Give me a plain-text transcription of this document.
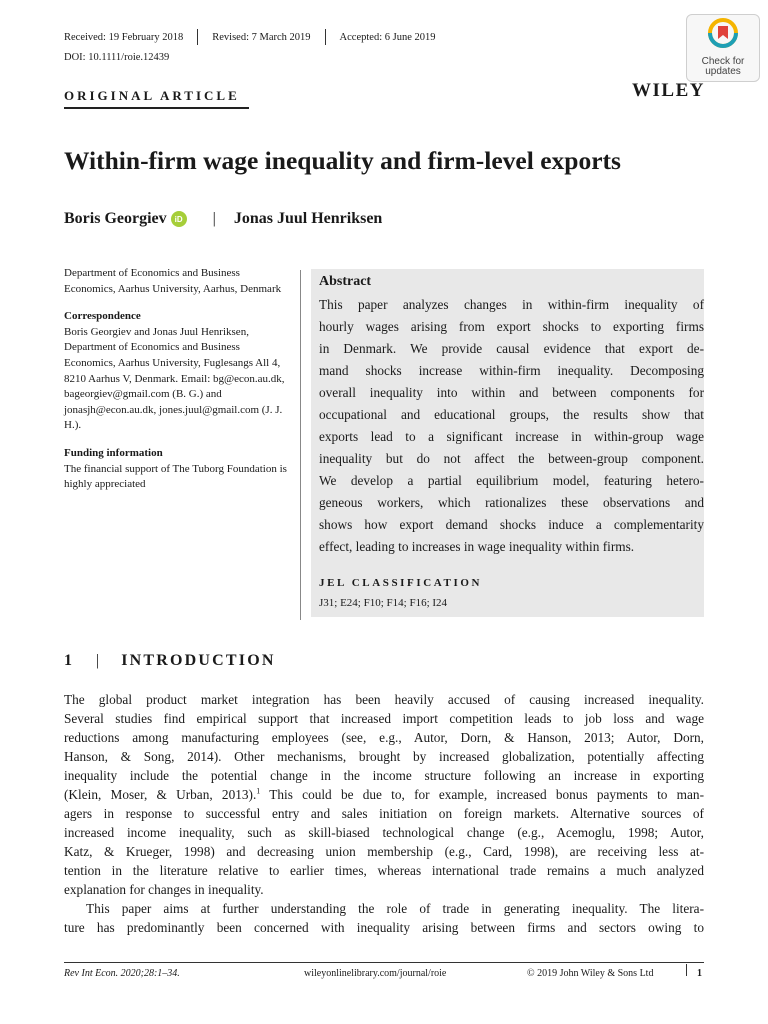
Received: 19 February 2018	Revised: 7 March 2019	Accepted: 6 June 2019
DOI: 10.1111/roie.12439
ORIGINAL ARTICLE
Check for updates
WILEY
Within-firm wage inequality and firm-level exports
Boris Georgiev iD | Jonas Juul Henriksen

Department of Economics and Business Economics, Aarhus University, Aarhus, Denmark

Correspondence

Boris Georgiev and Jonas Juul Henriksen, Department of Economics and Business Economics, Aarhus University, Fuglesangs All 4, 8210 Aarhus V, Denmark. Email: bg@econ.au.dk, bageorgiev@gmail.com (B. G.) and jonasjh@econ.au.dk, jones.juul@gmail.com (J. J. H.).

Funding information

The financial support of The Tuborg Foundation is highly appreciated

Abstract
This paper analyzes changes in within-firm inequality of
hourly wages arising from export shocks to exporting firms
in Denmark. We provide causal evidence that export de-
mand shocks increase within-firm inequality. Decomposing
overall inequality into within and between components for
occupational and educational groups, the results show that
exports lead to a significant increase in within-group wage
inequality but do not affect the between-group component.
We develop a partial equilibrium model, featuring hetero-
geneous workers, which rationalizes these observations and
shows how export demand shocks induce a complementarity
effect, leading to increases in wage inequality within firms.
JEL CLASSIFICATION
J31; E24; F10; F14; F16; I24
1	| INTRODUCTION
The global product market integration has been heavily accused of causing increased inequality.
Several studies find empirical support that increased import competition leads to job loss and wage
reductions among manufacturing employees (see, e.g., Autor, Dorn, & Hanson, 2013; Autor, Dorn,
Hanson, & Song, 2014). Other mechanisms, brought by increased globalization, potentially affecting
inequality include the potential change in the income structure following an increase in exporting
(Klein, Moser, & Urban, 2013).$^1$ This could be due to, for example, increased bonus payments to man-
agers in response to successful entry and sales initiation on foreign markets. Alternative sources of
increased income inequality, such as skill-biased technological change (e.g., Acemoglu, 1998; Autor,
Katz, & Krueger, 1998) and decreasing union membership (e.g., Card, 1998), are receiving less at-
tention in the literature relative to earlier times, whereas international trade remains a much analyzed
explanation for changes in inequality.
This paper aims at further understanding the role of trade in generating inequality. The litera-
ture has predominantly been concerned with inequality arising between firms and sectors owing to
Rev Int Econ. 2020;28:1–34.	wileyonlinelibrary.com/journal/roie	© 2019 John Wiley & Sons Ltd	1
